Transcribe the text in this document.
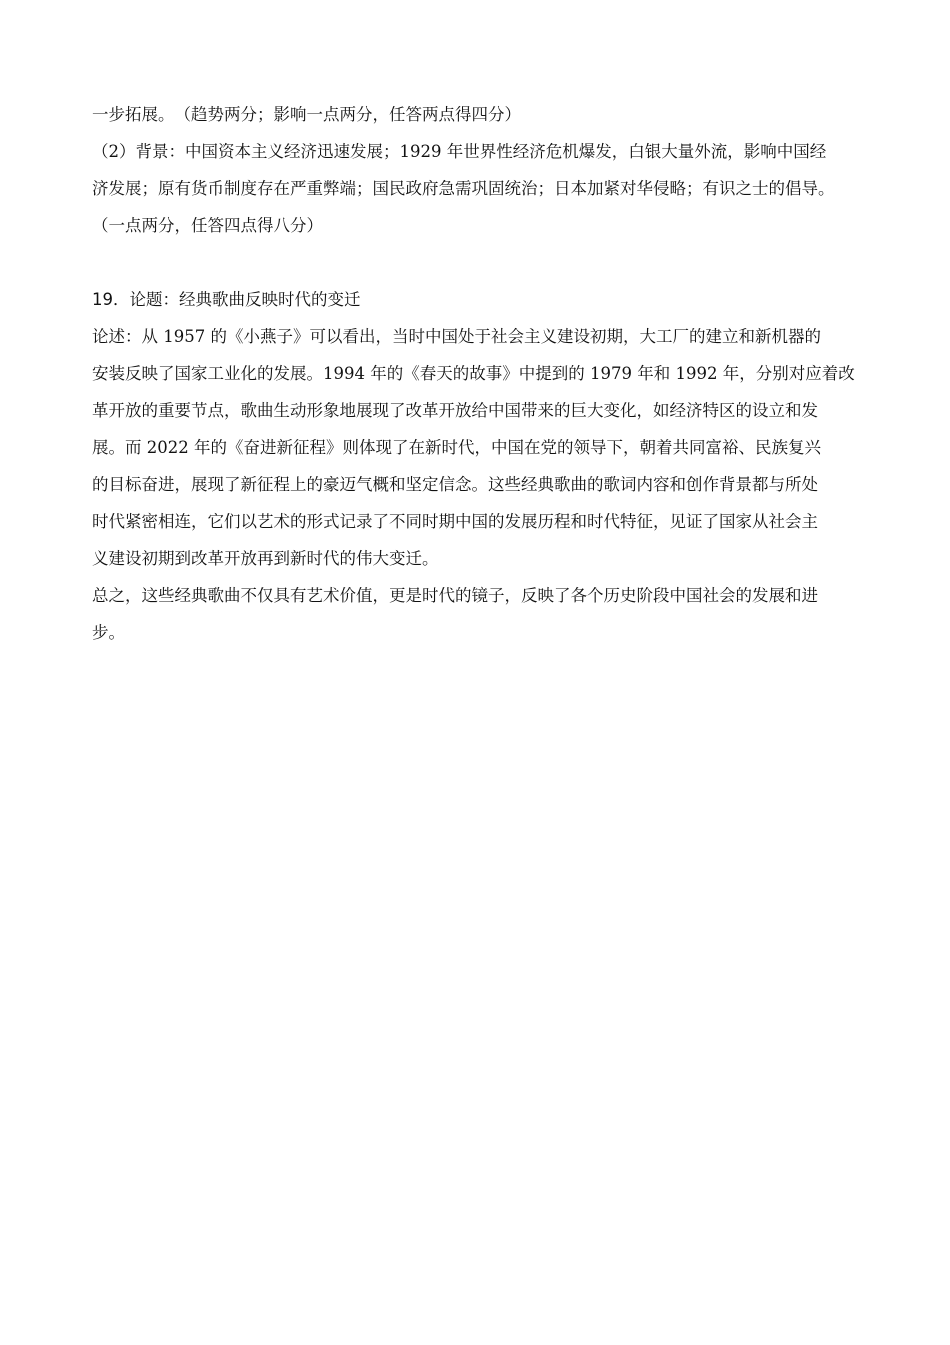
一步拓展。　（趋势两分；影响一点两分，任答两点得四分）
（2）背景：中国资本主义经济迅速发展；1929 年世界性经济危机爆发，白银大量外流，影响中国经
济发展；原有货币制度存在严重弊端；国民政府急需巩固统治；日本加紧对华侵略；有识之士的倡导。
（一点两分，任答四点得八分）
19．论题：经典歌曲反映时代的变迁
论述：从 1957 的《小燕子》可以看出，当时中国处于社会主义建设初期，大工厂的建立和新机器的
安装反映了国家工业化的发展。1994 年的《春天的故事》中提到的 1979 年和 1992 年，分别对应着改
革开放的重要节点，歌曲生动形象地展现了改革开放给中国带来的巨大变化，如经济特区的设立和发
展。而 2022 年的《奋进新征程》则体现了在新时代，中国在党的领导下，朝着共同富裕、民族复兴
的目标奋进，展现了新征程上的豪迈气概和坚定信念。这些经典歌曲的歌词内容和创作背景都与所处
时代紧密相连，它们以艺术的形式记录了不同时期中国的发展历程和时代特征，见证了国家从社会主
义建设初期到改革开放再到新时代的伟大变迁。
总之，这些经典歌曲不仅具有艺术价值，更是时代的镜子，反映了各个历史阶段中国社会的发展和进
步。
